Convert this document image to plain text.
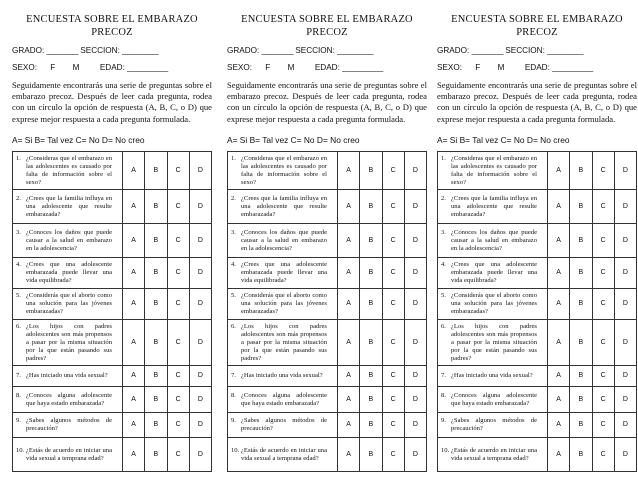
ENCUESTA SOBRE EL EMBARAZO
PRECOZ
GRADO: _______ SECCION: ________
SEXO: F M EDAD: _________
Seguidamente encontrarás una serie de preguntas sobre el embarazo precoz. Después de leer cada pregunta, rodea con un círculo la opción de respuesta (A, B, C, o D) que exprese mejor respuesta a cada pregunta formulada.
A= Si B= Tal vez C= No D= No creo
1. ¿Consideras que el embarazo en las adolescentes es causado por falta de información sobre el sexo?	A	B	C	D
2. ¿Crees que la familia influya en una adolescente que resulte embarazada?	A	B	C	D
3. ¿Conoces los daños que puede causar a la salud en embarazo en la adolescencia?	A	B	C	D
4. ¿Crees que una adolescente embarazada puede llevar una vida equilibrada?	A	B	C	D
5. ¿Considerás que el aborto como una solución para las jóvenes embarazadas?	A	B	C	D
6. ¿Los hijos con padres adolescentes son más propensos a pasar por la misma situación por la que están pasando sus padres?	A	B	C	D
7. ¿Has iniciado una vida sexual?	A	B	C	D
8. ¿Conoces alguna adolescente que haya estado embarazada?	A	B	C	D
9. ¿Sabes algunos métodos de precaución?	A	B	C	D
10. ¿Estás de acuerdo en iniciar una vida sexual a temprana edad?	A	B	C	D
ENCUESTA SOBRE EL EMBARAZO
PRECOZ
GRADO: _______ SECCION: ________
SEXO: F M EDAD: _________
Seguidamente encontrarás una serie de preguntas sobre el embarazo precoz. Después de leer cada pregunta, rodea con un círculo la opción de respuesta (A, B, C, o D) que exprese mejor respuesta a cada pregunta formulada.
A= Si B= Tal vez C= No D= No creo
1. ¿Consideras que el embarazo en las adolescentes es causado por falta de información sobre el sexo?	A	B	C	D
2. ¿Crees que la familia influya en una adolescente que resulte embarazada?	A	B	C	D
3. ¿Conoces los daños que puede causar a la salud en embarazo en la adolescencia?	A	B	C	D
4. ¿Crees que una adolescente embarazada puede llevar una vida equilibrada?	A	B	C	D
5. ¿Considerás que el aborto como una solución para las jóvenes embarazadas?	A	B	C	D
6. ¿Los hijos con padres adolescentes son más propensos a pasar por la misma situación por la que están pasando sus padres?	A	B	C	D
7. ¿Has iniciado una vida sexual?	A	B	C	D
8. ¿Conoces alguna adolescente que haya estado embarazada?	A	B	C	D
9. ¿Sabes algunos métodos de precaución?	A	B	C	D
10. ¿Estás de acuerdo en iniciar una vida sexual a temprana edad?	A	B	C	D
ENCUESTA SOBRE EL EMBARAZO
PRECOZ
GRADO: _______ SECCION: ________
SEXO: F M EDAD: _________
Seguidamente encontrarás una serie de preguntas sobre el embarazo precoz. Después de leer cada pregunta, rodea con un círculo la opción de respuesta (A, B, C, o D) que exprese mejor respuesta a cada pregunta formulada.
A= Si B= Tal vez C= No D= No creo
1. ¿Consideras que el embarazo en las adolescentes es causado por falta de información sobre el sexo?	A	B	C	D
2. ¿Crees que la familia influya en una adolescente que resulte embarazada?	A	B	C	D
3. ¿Conoces los daños que puede causar a la salud en embarazo en la adolescencia?	A	B	C	D
4. ¿Crees que una adolescente embarazada puede llevar una vida equilibrada?	A	B	C	D
5. ¿Considerás que el aborto como una solución para las jóvenes embarazadas?	A	B	C	D
6. ¿Los hijos con padres adolescentes son más propensos a pasar por la misma situación por la que están pasando sus padres?	A	B	C	D
7. ¿Has iniciado una vida sexual?	A	B	C	D
8. ¿Conoces alguna adolescente que haya estado embarazada?	A	B	C	D
9. ¿Sabes algunos métodos de precaución?	A	B	C	D
10. ¿Estás de acuerdo en iniciar una vida sexual a temprana edad?	A	B	C	D
